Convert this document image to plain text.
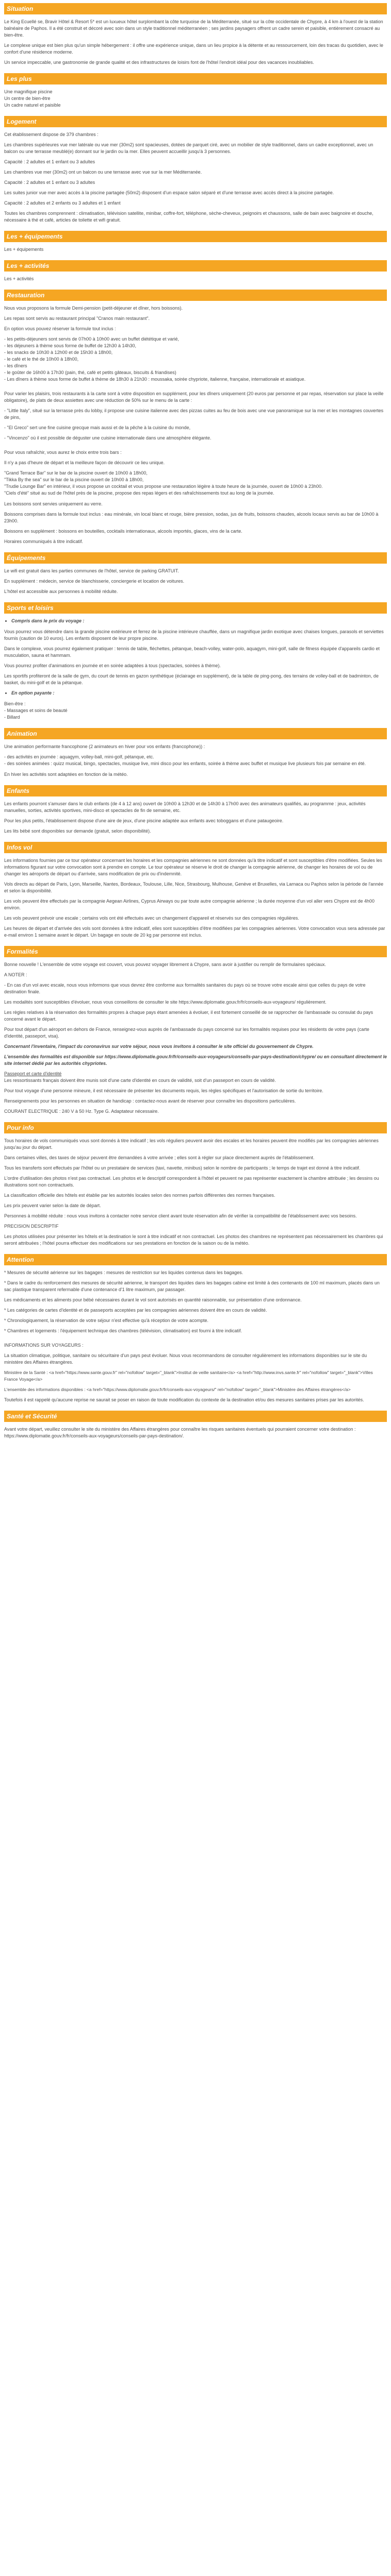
Situation

Le King Ecuellé se, Bravir Hôtel & Resort 5* est un luxueux hôtel surplombant la côte turquoise de la Méditerranée, situé sur la côte occidentale de Chypre, à 4 km à l'ouest de la station balnéaire de Paphos. Il a été construit et décoré avec soin dans un style traditionnel méditerranéen ; ses jardins paysagers offrent un cadre serein et paisible, entièrement consacré au bien-être.

Le complexe unique est bien plus qu'un simple hébergement : il offre une expérience unique, dans un lieu propice à la détente et au ressourcement, loin des tracas du quotidien, avec le confort d'une résidence moderne.

Un service impeccable, une gastronomie de grande qualité et des infrastructures de loisirs font de l'hôtel l'endroit idéal pour des vacances inoubliables.

Les plus
Une magnifique piscine
Un centre de bien-être
Un cadre naturel et paisible
Logement

Cet établissement dispose de 379 chambres :

Les chambres supérieures vue mer latérale ou vue mer (30m2) sont spacieuses, dotées de parquet ciré, avec un mobilier de style traditionnel, dans un cadre exceptionnel, avec un balcon ou une terrasse meublé(e) donnant sur le jardin ou la mer. Elles peuvent accueillir jusqu'à 3 personnes.

Capacité : 2 adultes et 1 enfant ou 3 adultes

Les chambres vue mer (30m2) ont un balcon ou une terrasse avec vue sur la mer Méditerranée.

Capacité : 2 adultes et 1 enfant ou 3 adultes

Les suites junior vue mer avec accès à la piscine partagée (50m2) disposent d'un espace salon séparé et d'une terrasse avec accès direct à la piscine partagée.

Capacité : 2 adultes et 2 enfants ou 3 adultes et 1 enfant

Toutes les chambres comprennent : climatisation, télévision satellite, minibar, coffre-fort, téléphone, sèche-cheveux, peignoirs et chaussons, salle de bain avec baignoire et douche, nécessaire à thé et café, articles de toilette et wifi gratuit.

Les + équipements
Les + équipements
Les + activités
Les + activités
Restauration

Nous vous proposons la formule Demi-pension (petit-déjeuner et dîner, hors boissons).

Les repas sont servis au restaurant principal "Cranos main restaurant".

En option vous pouvez réserver la formule tout inclus :

- les petits-déjeuners sont servis de 07h00 à 10h00 avec un buffet diététique et varié,
- les déjeuners à thème sous forme de buffet de 12h30 à 14h30,
- les snacks de 10h30 à 12h00 et de 15h30 à 18h00,
- le café et le thé de 10h00 à 18h00,
- les dîners
- le goûter de 16h00 à 17h30 (pain, thé, café et petits gâteaux, biscuits & friandises)

- Les dîners à thème sous forme de buffet à thème de 18h30 à 21h30 : moussaka, soirée chypriote, italienne, française, internationale et asiatique.

Pour varier les plaisirs, trois restaurants à la carte sont à votre disposition en supplément, pour les dîners uniquement (20 euros par personne et par repas, réservation sur place la veille obligatoire), de plats de deux assiettes avec une réduction de 50% sur le menu de la carte :

- "Little Italy", situé sur la terrasse près du lobby, il propose une cuisine italienne avec des pizzas cuites au feu de bois avec une vue panoramique sur la mer et les montagnes couvertes de pins,

- "El Greco" sert une fine cuisine grecque mais aussi et de la pêche à la cuisine du monde,

- "Vincenzo" où il est possible de déguster une cuisine internationale dans une atmosphère élégante.

Pour vous rafraîchir, vous aurez le choix entre trois bars :

Il n'y a pas d'heure de départ et la meilleure façon de découvrir ce lieu unique.

"Grand Terrace Bar" sur le bar de la piscine ouvert de 10h00 à 18h00,
"Tikka By the sea" sur le bar de la piscine ouvert de 10h00 à 18h00,
"Trudie Lounge Bar" en intérieur, il vous propose un cocktail et vous propose une restauration légère à toute heure de la journée, ouvert de 10h00 à 23h00.
"Ciels d'été" situé au sud de l'hôtel près de la piscine, propose des repas légers et des rafraîchissements tout au long de la journée.

Les boissons sont servies uniquement au verre.

Boissons comprises dans la formule tout inclus : eau minérale, vin local blanc et rouge, bière pression, sodas, jus de fruits, boissons chaudes, alcools locaux servis au bar de 10h00 à 23h00.

Boissons en supplément : boissons en bouteilles, cocktails internationaux, alcools importés, glaces, vins de la carte.

Horaires communiqués à titre indicatif.

Équipements

Le wifi est gratuit dans les parties communes de l'hôtel, service de parking GRATUIT.

En supplément : médecin, service de blanchisserie, conciergerie et location de voitures.

L'hôtel est accessible aux personnes à mobilité réduite.

Sports et loisirs
• Compris dans le prix du voyage :

Vous pourrez vous détendre dans la grande piscine extérieure et ferrez de la piscine intérieure chauffée, dans un magnifique jardin exotique avec chaises longues, parasols et serviettes fournis (caution de 10 euros). Les enfants disposent de leur propre piscine.

Dans le complexe, vous pourrez également pratiquer : tennis de table, fléchettes, pétanque, beach-volley, water-polo, aquagym, mini-golf, salle de fitness équipée d'appareils cardio et musculation, sauna et hammam.

Vous pourrez profiter d'animations en journée et en soirée adaptées à tous (spectacles, soirées à thème).

Les sportifs profiteront de la salle de gym, du court de tennis en gazon synthétique (éclairage en supplément), de la table de ping-pong, des terrains de volley-ball et de badminton, de basket, du mini-golf et de la pétanque.

• En option payante :
Bien-être :
- Massages et soins de beauté
- Billard
Animation

Une animation performante francophone (2 animateurs en hiver pour vos enfants (francophone)) :

- des activités en journée : aquagym, volley-ball, mini-golf, pétanque, etc.
- des soirées animées : quizz musical, bingo, spectacles, musique live, mini disco pour les enfants, soirée à thème avec buffet et musique live plusieurs fois par semaine en été.

En hiver les activités sont adaptées en fonction de la météo.

Enfants

Les enfants pourront s'amuser dans le club enfants (de 4 à 12 ans) ouvert de 10h00 à 12h30 et de 14h30 à 17h00 avec des animateurs qualifiés, au programme : jeux, activités manuelles, sorties, activités sportives, mini-disco et spectacles de fin de semaine, etc.

Pour les plus petits, l'établissement dispose d'une aire de jeux, d'une piscine adaptée aux enfants avec toboggans et d'une pataugeoire.

Les lits bébé sont disponibles sur demande (gratuit, selon disponibilité).

Infos vol

Les informations fournies par ce tour opérateur concernant les horaires et les compagnies aériennes ne sont données qu'à titre indicatif et sont susceptibles d'être modifiées. Seules les informations figurant sur votre convocation sont à prendre en compte. Le tour opérateur se réserve le droit de changer la compagnie aérienne, de changer les horaires de vol ou de changer les aéroports de départ ou d'arrivée, sans modification de prix ou d'indemnité.

Vols directs au départ de Paris, Lyon, Marseille, Nantes, Bordeaux, Toulouse, Lille, Nice, Strasbourg, Mulhouse, Genève et Bruxelles, via Larnaca ou Paphos selon la période de l'année et selon la disponibilité.

Les vols peuvent être effectués par la compagnie Aegean Airlines, Cyprus Airways ou par toute autre compagnie aérienne ; la durée moyenne d'un vol aller vers Chypre est de 4h00 environ.

Les vols peuvent prévoir une escale ; certains vols ont été effectués avec un changement d'appareil et réservés sur des compagnies régulières.

Les heures de départ et d'arrivée des vols sont données à titre indicatif, elles sont susceptibles d'être modifiées par les compagnies aériennes. Votre convocation vous sera adressée par e-mail environ 1 semaine avant le départ. Un bagage en soute de 20 kg par personne est inclus.

Formalités

Bonne nouvelle ! L'ensemble de votre voyage est couvert, vous pouvez voyager librement à Chypre, sans avoir à justifier ou remplir de formulaires spéciaux.

A NOTER :

- En cas d'un vol avec escale, nous vous informons que vous devrez être conforme aux formalités sanitaires du pays où se trouve votre escale ainsi que celles du pays de votre destination finale.

Les modalités sont susceptibles d'évoluer, nous vous conseillons de consulter le site https://www.diplomatie.gouv.fr/fr/conseils-aux-voyageurs/ régulièrement.

Les règles relatives à la réservation des formalités propres à chaque pays étant amenées à évoluer, il est fortement conseillé de se rapprocher de l'ambassade ou consulat du pays concerné avant le départ.

Pour tout départ d'un aéroport en dehors de France, renseignez-vous auprès de l'ambassade du pays concerné sur les formalités requises pour les résidents de votre pays (carte d'identité, passeport, visa).

Concernant l'inventaire, l'impact du coronavirus sur votre séjour, nous vous invitons à consulter le site officiel du gouvernement de Chypre.

L'ensemble des formalités est disponible sur https://www.diplomatie.gouv.fr/fr/conseils-aux-voyageurs/conseils-par-pays-destination/chypre/ ou en consultant directement le site internet dédié par les autorités chypriotes.

Passeport et carte d'identité

Les ressortissants français doivent être munis soit d'une carte d'identité en cours de validité, soit d'un passeport en cours de validité.

Pour tout voyage d'une personne mineure, il est nécessaire de présenter les documents requis, les règles spécifiques et l'autorisation de sortie du territoire.

Renseignements pour les personnes en situation de handicap : contactez-nous avant de réserver pour connaître les dispositions particulières.

COURANT ELECTRIQUE : 240 V à 50 Hz. Type G. Adaptateur nécessaire.

Pour info

Tous horaires de vols communiqués vous sont donnés à titre indicatif ; les vols réguliers peuvent avoir des escales et les horaires peuvent être modifiés par les compagnies aériennes jusqu'au jour du départ.

Dans certaines villes, des taxes de séjour peuvent être demandées à votre arrivée ; elles sont à régler sur place directement auprès de l'établissement.

Tous les transferts sont effectués par l'hôtel ou un prestataire de services (taxi, navette, minibus) selon le nombre de participants ; le temps de trajet est donné à titre indicatif.

L'ordre d'utilisation des photos n'est pas contractuel. Les photos et le descriptif correspondent à l'hôtel et peuvent ne pas représenter exactement la chambre attribuée ; les dessins ou illustrations sont non contractuels.

La classification officielle des hôtels est établie par les autorités locales selon des normes parfois différentes des normes françaises.

Les prix peuvent varier selon la date de départ.

Personnes à mobilité réduite : nous vous invitons à contacter notre service client avant toute réservation afin de vérifier la compatibilité de l'établissement avec vos besoins.

PRECISION DESCRIPTIF

Les photos utilisées pour présenter les hôtels et la destination le sont à titre indicatif et non contractuel. Les photos des chambres ne représentent pas nécessairement les chambres qui seront attribuées ; l'hôtel pourra effectuer des modifications sur ses prestations en fonction de la saison ou de la météo.

Attention

* Mesures de sécurité aérienne sur les bagages : mesures de restriction sur les liquides contenus dans les bagages.

* Dans le cadre du renforcement des mesures de sécurité aérienne, le transport des liquides dans les bagages cabine est limité à des contenants de 100 ml maximum, placés dans un sac plastique transparent refermable d'une contenance d'1 litre maximum, par passager.

Les médicaments et les aliments pour bébé nécessaires durant le vol sont autorisés en quantité raisonnable, sur présentation d'une ordonnance.

* Les catégories de cartes d'identité et de passeports acceptées par les compagnies aériennes doivent être en cours de validité.

* Chronologiquement, la réservation de votre séjour n'est effective qu'à réception de votre acompte.

* Chambres et logements : l'équipement technique des chambres (télévision, climatisation) est fourni à titre indicatif.

INFORMATIONS SUR VOYAGEURS :

La situation climatique, politique, sanitaire ou sécuritaire d'un pays peut évoluer. Nous vous recommandons de consulter régulièrement les informations disponibles sur le site du ministère des Affaires étrangères.

Ministère de la Santé : <a href="https://www.sante.gouv.fr" rel="nofollow" target="_blank">Institut de veille sanitaire</a> <a href="http://www.invs.sante.fr" rel="nofollow" target="_blank">Villes France Voyage</a>

L'ensemble des informations disponibles : <a href="https://www.diplomatie.gouv.fr/fr/conseils-aux-voyageurs/" rel="nofollow" target="_blank">Ministère des Affaires étrangères</a>

Toutefois il est rappelé qu'aucune reprise ne saurait se poser en raison de toute modification du contexte de la destination et/ou des mesures sanitaires prises par les autorités.

Santé et Sécurité

Avant votre départ, veuillez consulter le site du ministère des Affaires étrangères pour connaître les risques sanitaires éventuels qui pourraient concerner votre destination : https://www.diplomatie.gouv.fr/fr/conseils-aux-voyageurs/conseils-par-pays-destination/.
